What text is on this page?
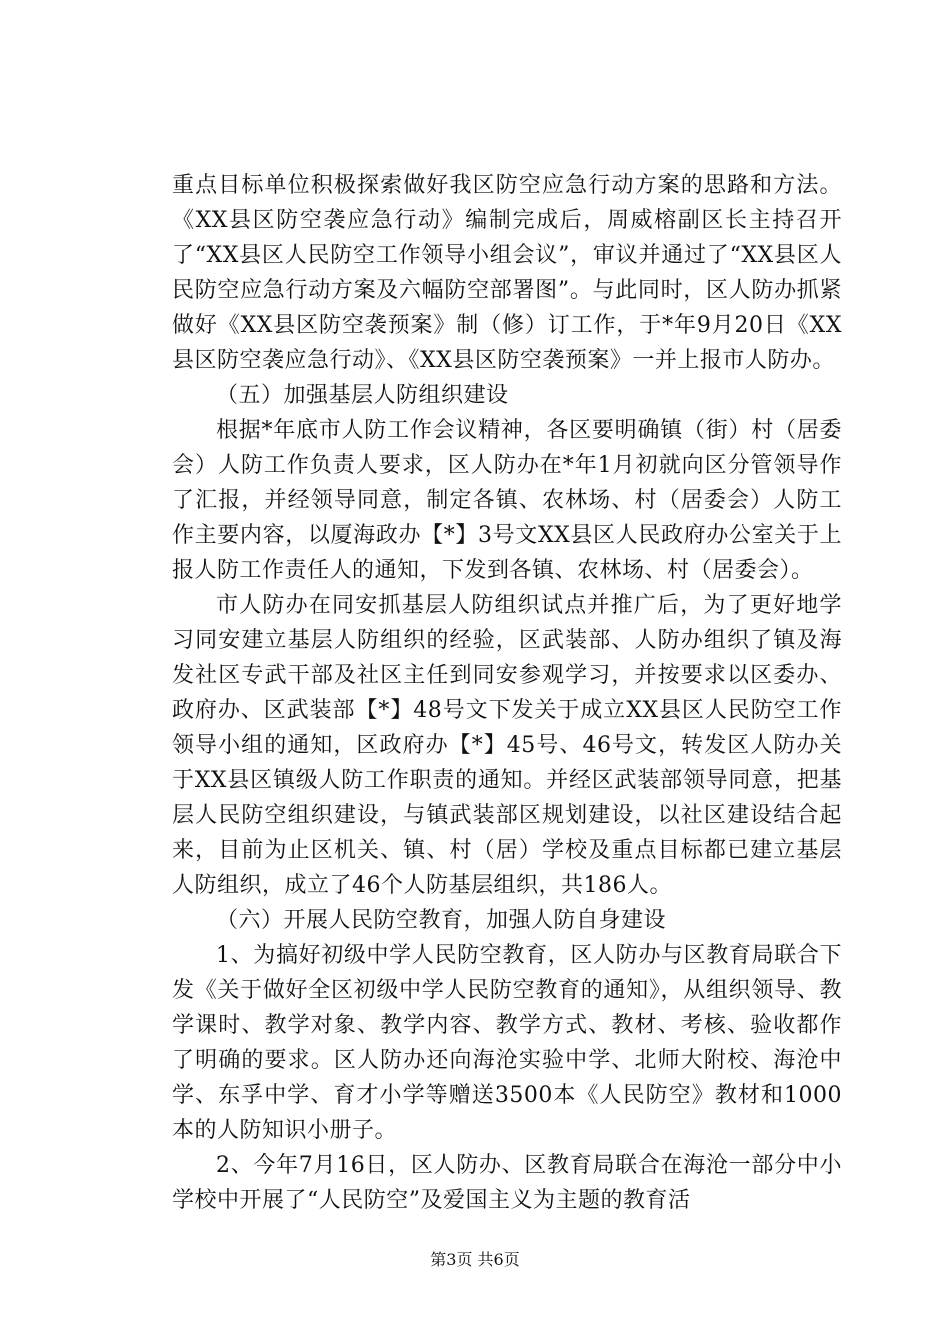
重点目标单位积极探索做好我区防空应急行动方案的思路和方法。《XX县区防空袭应急行动》编制完成后，周威榕副区长主持召开了“XX县区人民防空工作领导小组会议”，审议并通过了“XX县区人民防空应急行动方案及六幅防空部署图”。与此同时，区人防办抓紧做好《XX县区防空袭预案》制（修）订工作，于*年9月20日《XX县区防空袭应急行动》、《XX县区防空袭预案》一并上报市人防办。

（五）加强基层人防组织建设

根据*年底市人防工作会议精神，各区要明确镇（街）村（居委会）人防工作负责人要求，区人防办在*年1月初就向区分管领导作了汇报，并经领导同意，制定各镇、农林场、村（居委会）人防工作主要内容，以厦海政办【*】3号文XX县区人民政府办公室关于上报人防工作责任人的通知，下发到各镇、农林场、村（居委会）。

市人防办在同安抓基层人防组织试点并推广后，为了更好地学习同安建立基层人防组织的经验，区武装部、人防办组织了镇及海发社区专武干部及社区主任到同安参观学习，并按要求以区委办、政府办、区武装部【*】48号文下发关于成立XX县区人民防空工作领导小组的通知，区政府办【*】45号、46号文，转发区人防办关于XX县区镇级人防工作职责的通知。并经区武装部领导同意，把基层人民防空组织建设，与镇武装部区规划建设，以社区建设结合起来，目前为止区机关、镇、村（居）学校及重点目标都已建立基层人防组织，成立了46个人防基层组织，共186人。

（六）开展人民防空教育，加强人防自身建设

1、为搞好初级中学人民防空教育，区人防办与区教育局联合下发《关于做好全区初级中学人民防空教育的通知》，从组织领导、教学课时、教学对象、教学内容、教学方式、教材、考核、验收都作了明确的要求。区人防办还向海沧实验中学、北师大附校、海沧中学、东孚中学、育才小学等赠送3500本《人民防空》教材和1000本的人防知识小册子。

2、今年7月16日，区人防办、区教育局联合在海沧一部分中小学校中开展了“人民防空”及爱国主义为主题的教育活

第3页 共6页
